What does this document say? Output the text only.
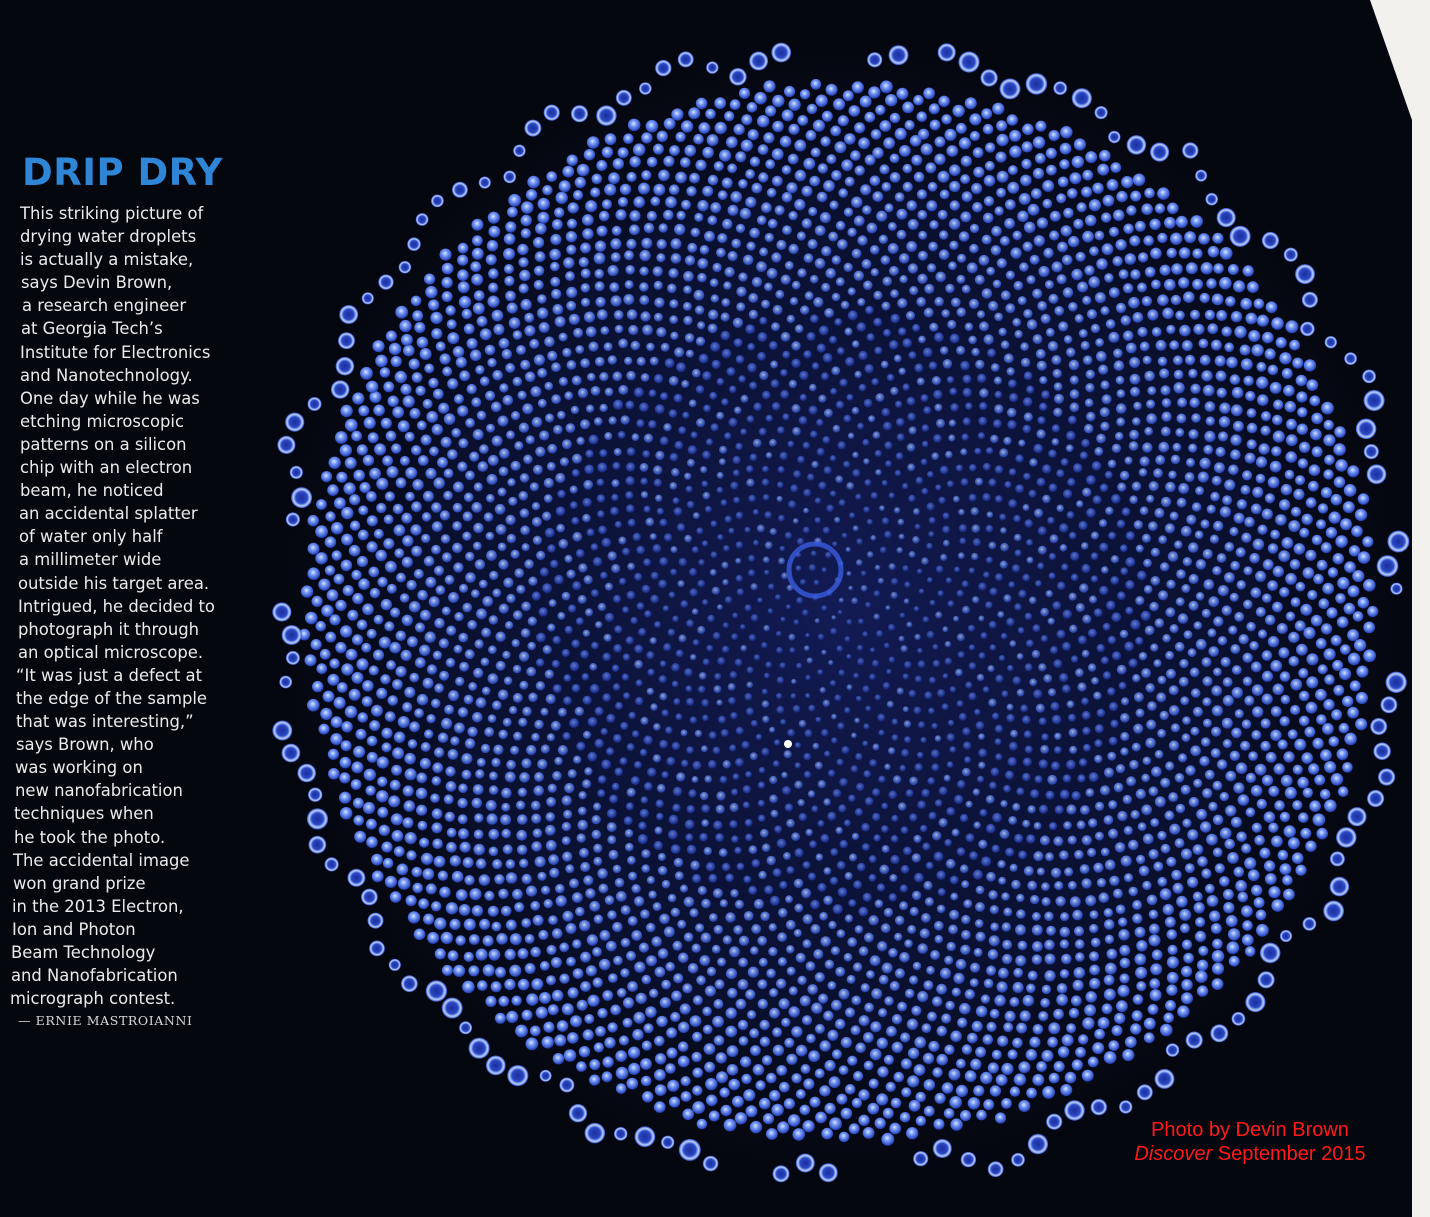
DRIP DRY
This striking picture of
drying water droplets
is actually a mistake,
says Devin Brown,
a research engineer
at Georgia Tech’s
Institute for Electronics
and Nanotechnology.
One day while he was
etching microscopic
patterns on a silicon
chip with an electron
beam, he noticed
an accidental splatter
of water only half
a millimeter wide
outside his target area.
Intrigued, he decided to
photograph it through
an optical microscope.
“It was just a defect at
the edge of the sample
that was interesting,”
says Brown, who
was working on
new nanofabrication
techniques when
he took the photo.
The accidental image
won grand prize
in the 2013 Electron,
Ion and Photon
Beam Technology
and Nanofabrication
micrograph contest.
— ERNIE MASTROIANNI
Photo by Devin Brown
Discover September 2015
